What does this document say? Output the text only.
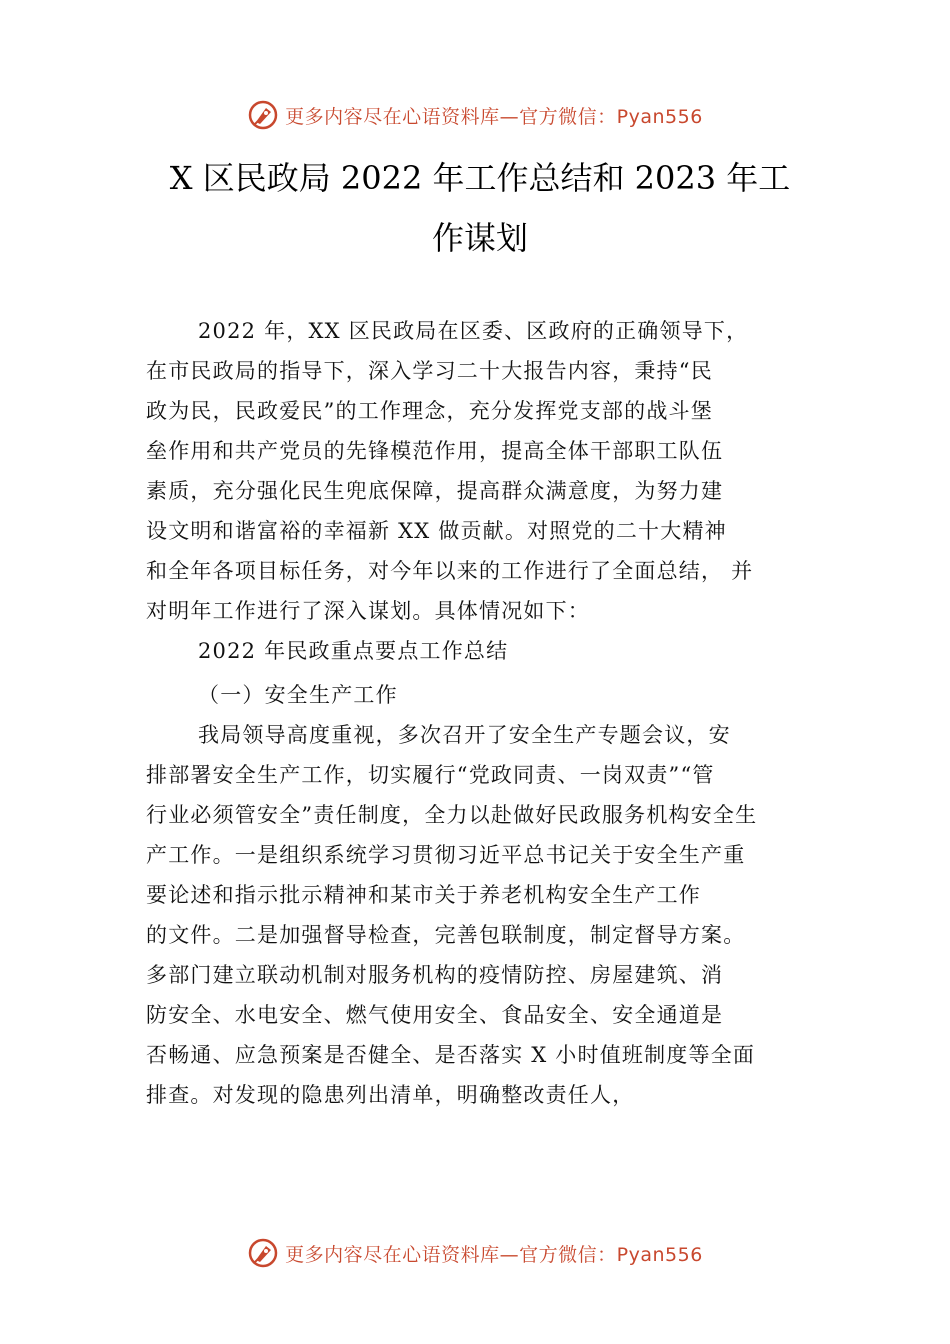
更多内容尽在心语资料库—官方微信：Pyan556
X 区民政局 2022 年工作总结和 2023 年工
作谋划
2022 年，XX 区民政局在区委、区政府的正确领导下，
在市民政局的指导下，深入学习二十大报告内容，秉持“民
政为民，民政爱民”的工作理念，充分发挥党支部的战斗堡
垒作用和共产党员的先锋模范作用，提高全体干部职工队伍
素质，充分强化民生兜底保障，提高群众满意度，为努力建
设文明和谐富裕的幸福新 XX 做贡献。对照党的二十大精神
和全年各项目标任务，对今年以来的工作进行了全面总结， 并
对明年工作进行了深入谋划。具体情况如下：
2022 年民政重点要点工作总结
（一）安全生产工作
我局领导高度重视，多次召开了安全生产专题会议，安
排部署安全生产工作，切实履行“党政同责、一岗双责”“管
行业必须管安全”责任制度，全力以赴做好民政服务机构安全生
产工作。一是组织系统学习贯彻习近平总书记关于安全生产重
要论述和指示批示精神和某市关于养老机构安全生产工作
的文件。二是加强督导检查，完善包联制度，制定督导方案。
多部门建立联动机制对服务机构的疫情防控、房屋建筑、消
防安全、水电安全、燃气使用安全、食品安全、安全通道是
否畅通、应急预案是否健全、是否落实 X 小时值班制度等全面
排查。对发现的隐患列出清单，明确整改责任人，
更多内容尽在心语资料库—官方微信：Pyan556
